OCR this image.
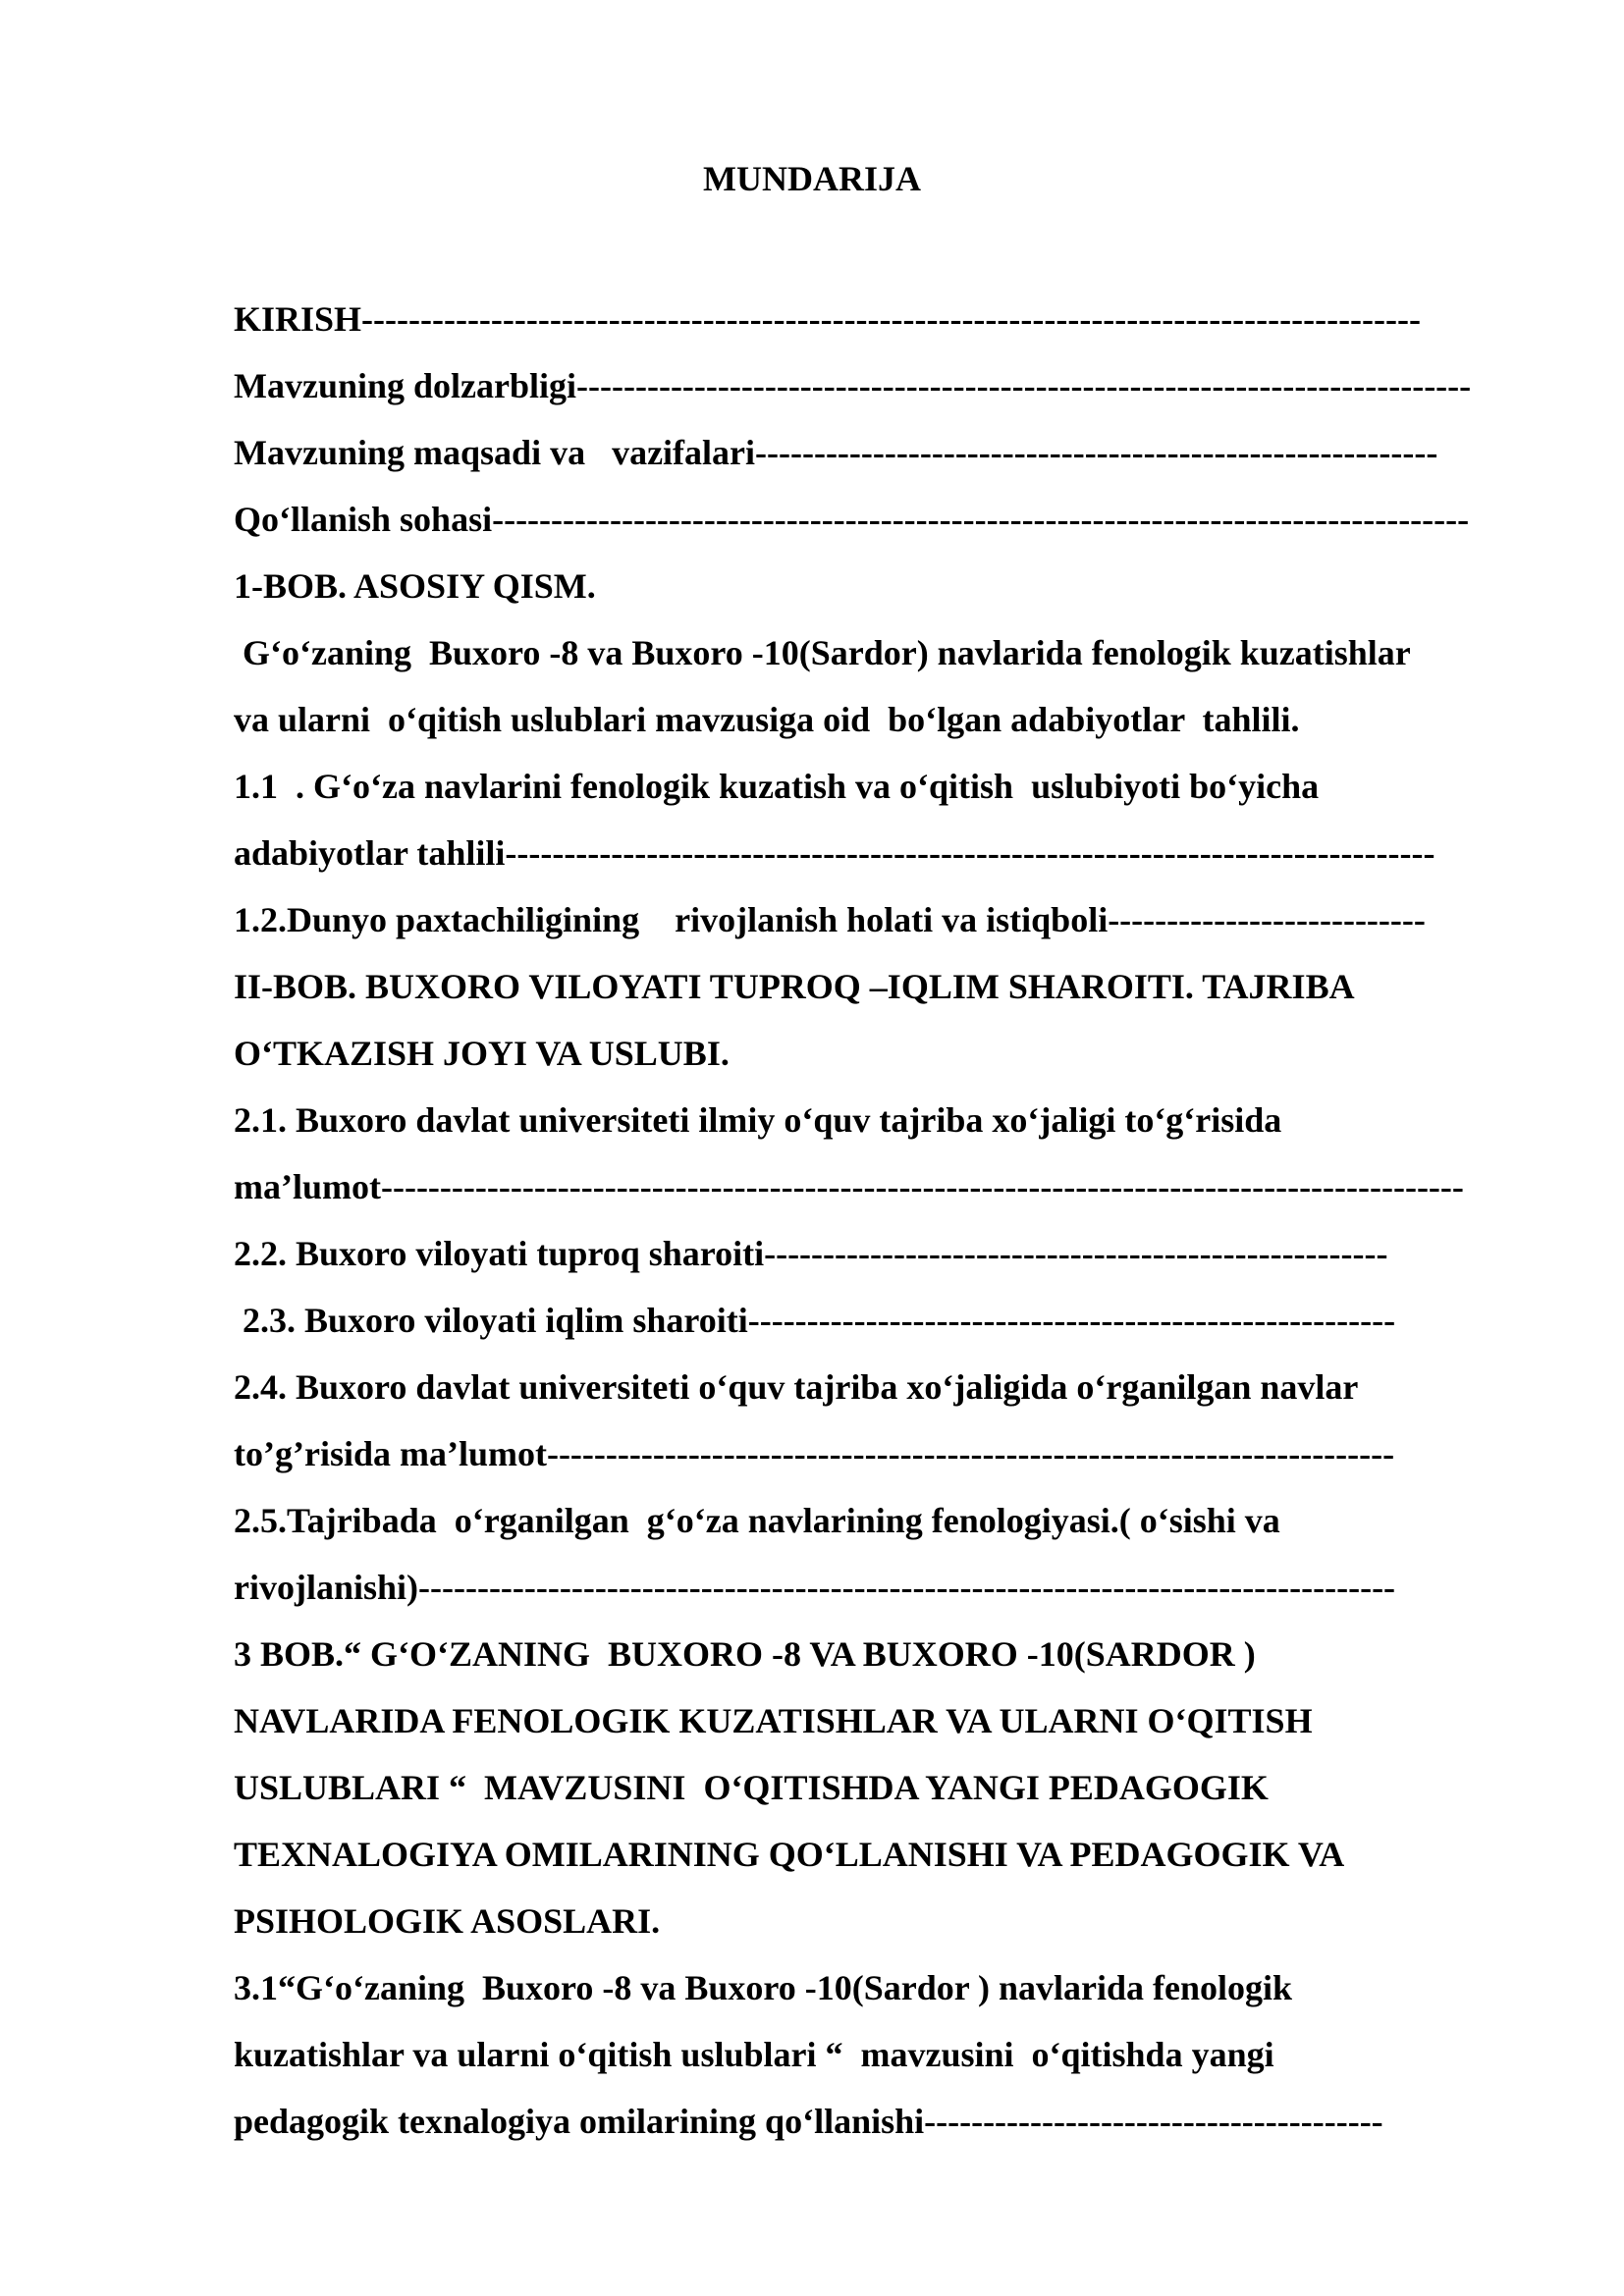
MUNDARIJA
KIRISH------------------------------------------------------------------------------------------
Mavzuning dolzarbligi----------------------------------------------------------------------------
Mavzuning maqsadi va   vazifalari----------------------------------------------------------
Qo‘llanish sohasi-----------------------------------------------------------------------------------
1-BOB. ASOSIY QISM.
G‘o‘zaning  Buxoro -8 va Buxoro -10(Sardor) navlarida fenologik kuzatishlar
va ularni  o‘qitish uslublari mavzusiga oid  bo‘lgan adabiyotlar  tahlili.
1.1  . G‘o‘za navlarini fenologik kuzatish va o‘qitish  uslubiyoti bo‘yicha
adabiyotlar tahlili-------------------------------------------------------------------------------
1.2.Dunyo paxtachiligining    rivojlanish holati va istiqboli---------------------------
II-BOB. BUXORO VILOYATI TUPROQ –IQLIM SHAROITI. TAJRIBA
O‘TKAZISH JOYI VA USLUBI.
2.1. Buxoro davlat universiteti ilmiy o‘quv tajriba xo‘jaligi to‘g‘risida
ma’lumot--------------------------------------------------------------------------------------------
2.2. Buxoro viloyati tuproq sharoiti-----------------------------------------------------
2.3. Buxoro viloyati iqlim sharoiti-------------------------------------------------------
2.4. Buxoro davlat universiteti o‘quv tajriba xo‘jaligida o‘rganilgan navlar
to’g’risida ma’lumot------------------------------------------------------------------------
2.5.Tajribada  o‘rganilgan  g‘o‘za navlarining fenologiyasi.( o‘sishi va
rivojlanishi)-----------------------------------------------------------------------------------
3 BOB.“ G‘O‘ZANING  BUXORO -8 VA BUXORO -10(SARDOR )
NAVLARIDA FENOLOGIK KUZATISHLAR VA ULARNI O‘QITISH
USLUBLARI “  MAVZUSINI  O‘QITISHDA YANGI PEDAGOGIK
TEXNALOGIYA OMILARINING QO‘LLANISHI VA PEDAGOGIK VA
PSIHOLOGIK ASOSLARI.
3.1“G‘o‘zaning  Buxoro -8 va Buxoro -10(Sardor ) navlarida fenologik
kuzatishlar va ularni o‘qitish uslublari “  mavzusini  o‘qitishda yangi
pedagogik texnalogiya omilarining qo‘llanishi---------------------------------------
